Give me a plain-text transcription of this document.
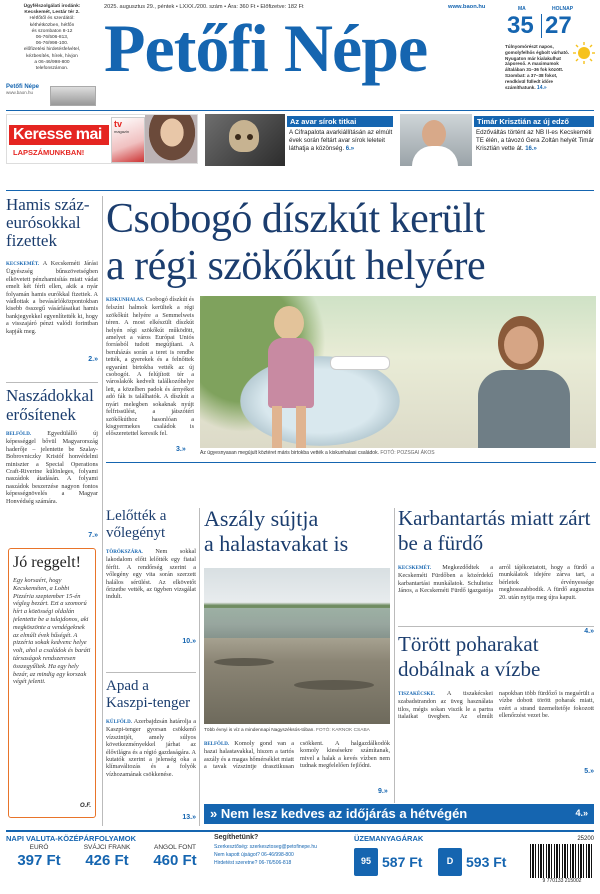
Ügyfélszolgálati irodánk:
Kecskemét, Lestár tér 2.
Hétfőtől és szerdától:
kéthétközben, hétfőn
és szombaton 8-12
06-76/506-813,
06-76/998-100.
előfizetési hirdetésfelvétel,
kézbesítés, hírek, hívjon
a 06-46/998-800
telefonszámon.
Petőfi Népe
www.baon.hu
2025. augusztus 29., péntek • LXXX./200. szám • Ára: 360 Ft • Előfizetve: 182 Ft	www.baon.hu
Petőfi Népe
MA	HOLNAP
35 27
Túlnyomórészt napos, gomolyfelhős égbolt várható. Nyugaton már kialakulhat záporeső. A maximumok általában 31–36 fok között. Szombat: a 37–38 fokot, rendkívül fülledt időre számíthatunk. 14.»
Keresse mai
LAPSZÁMUNKBAN!
tv
magazin
Az avar sírok titkai
A Cifrapalota avarkiállításán az elmúlt évek során feltárt avar sírok leleteit láthatja a közönség. 6.»
Timár Krisztián az új edző
Edzőváltás történt az NB II-es Kecskeméti TE élén, a távozó Gera Zoltán helyét Timár Krisztián vette át. 16.»
Hamis száz-eurósokkal fizettek
KECSKEMÉT. A Kecskeméti Járási Ügyészség bűnszövetségben elkövetett pénzhamisítás miatt vádat emelt két férfi ellen, akik a nyár folyamán hamis eurókkal fizettek. A vádlottak a bevásárlóközpontokban kisebb összegű vásárlásaikat hamis bankjegyekkel egyenlítették ki, hogy a visszajáró pénzt valódi forintban kapják meg.
2.»
Naszádokkal erősítenek
BELFÖLD.	Egyedülálló új képességgel bővül Magyarország haderője – jelentette be Szalay-Bobrovniczky Kristóf honvédelmi miniszter a Special Operations Craft-Riverine különleges, folyami naszádok átadásán. A folyami naszádok beszerzése nagyon fontos képességnövelés a Magyar Honvédség számára.
7.»
Jó reggelt!
Egy korsaért, hogy Kecskeméten, a Lobbi Pizzéria szeptember 15-én végleg bezárt. Ezt a szomorú hírt a közösségi oldalán jelentette be a tulajdonos, aki megköszönte a vendégeknek az elmúlt évek hűségét. A pizzéria sokak kedvenc helye volt, ahol a családok és baráti társaságok rendszeresen összegyűltek. Ha egy hely bezár, az mindig egy korszak végét jelenti.
O.F.
Csobogó díszkút került
a régi szökőkút helyére
KISKUNHALAS. Csobogó díszkút és felszíni halmok kerültek a régi szökőkút helyére a Semmelweis téren. A most elkészült díszkút helyén régi szökőkút működött, amelyet a város Európai Uniós forrásból tudott megújítani. A beruházás során a teret is rendbe tették, a gyerekek és a felnőttek egyaránt birtokba vették az új csobogót. A felújított tér a városlakók kedvelt találkozóhelye lett, a közelben padok és árnyékot adó fák is találhatók. A díszkút a nyári melegben sokaknak nyújt felfrissülést, a játszótéri szökőkúthoz hasonlóan a kisgyermekes családok is előszeretettel keresik fel.
3.»	Az ügyesnyasan megújult köztéret máris birtokba vették a kiskunhalasi családok. FOTÓ: POZSGAI ÁKOS
Lelőtték a vőlegényt
TÖRÖKSZÁRA. Nem sokkal lakodalom előtt lelőtték egy fiatal férfit. A rendőrség szerint a vőlegény egy vita során szerzett halálos sérülést. Az elkövetőt őrizetbe vették, az ügyben vizsgálat indult.
10.»
Apad a Kaszpi-tenger
KÜLFÖLD. Azerbajdzsán határolja a Kaszpi-tenger gyorsan csökkenő vízszintjét, amely súlyos következményekkel járhat az élővilágra és a régió gazdaságára. A kutatók szerint a jelenség oka a klímaváltozás és a folyók vízhozamának csökkenése.
13.»
Aszály sújtja
a halastavakat is
Több évnyi is víz a mindennapi Nagyszéksós-tóban. FOTÓ: KARNOK CSABA
BELFÖLD. Komoly gond van a hazai halastavakkal, hiszen a tartós aszály és a magas hőmérséklet miatt a tavak vízszintje drasztikusan csökkent. A halgazdálkodók komoly kiesésekre számítanak, mivel a halak a kevés vízben nem tudnak megfelelően fejlődni.
9.»
Karbantartás miatt zárt be a fürdő
KECSKEMÉT. Megkezdődtek a Kecskeméti Fürdőben a közérdekű karbantartási munkálatok. Schulteisz János, a Kecskeméti Fürdő igazgatója arról tájékoztatott, hogy a fürdő a munkálatok idejére zárva tart, a bérletek érvényessége meghosszabbodik. A fürdő augusztus 20. után nyitja meg újra kapuit.
4.»
Törött poharakat dobálnak a vízbe
TISZAKÉCSKE. A tiszakécskei szabadstrandon az üveg használata tilos, mégis sokan viszik le a partra italaikat üvegben. Az elmúlt napokban több fürdőző is megsérült a vízbe dobott törött poharak miatt, ezért a strand üzemeltetője fokozott ellenőrzést vezet be.
5.»
» Nem lesz kedves az időjárás a hétvégén	4.»
NAPI VALUTA-KÖZÉPÁRFOLYAMOK
EURÓ
397 Ft
SVÁJCI FRANK
426 Ft
ANGOL FONT
460 Ft
Segíthetünk?
Szerkesztőség: szerkesztoseg@petofinepe.hu
Nem kapott újságot? 06-46/998-800
Hirdetést szeretne? 06-76/506-818
ÜZEMANYAGÁRAK
95 587 Ft	D 593 Ft
25200
9 770133 215002
